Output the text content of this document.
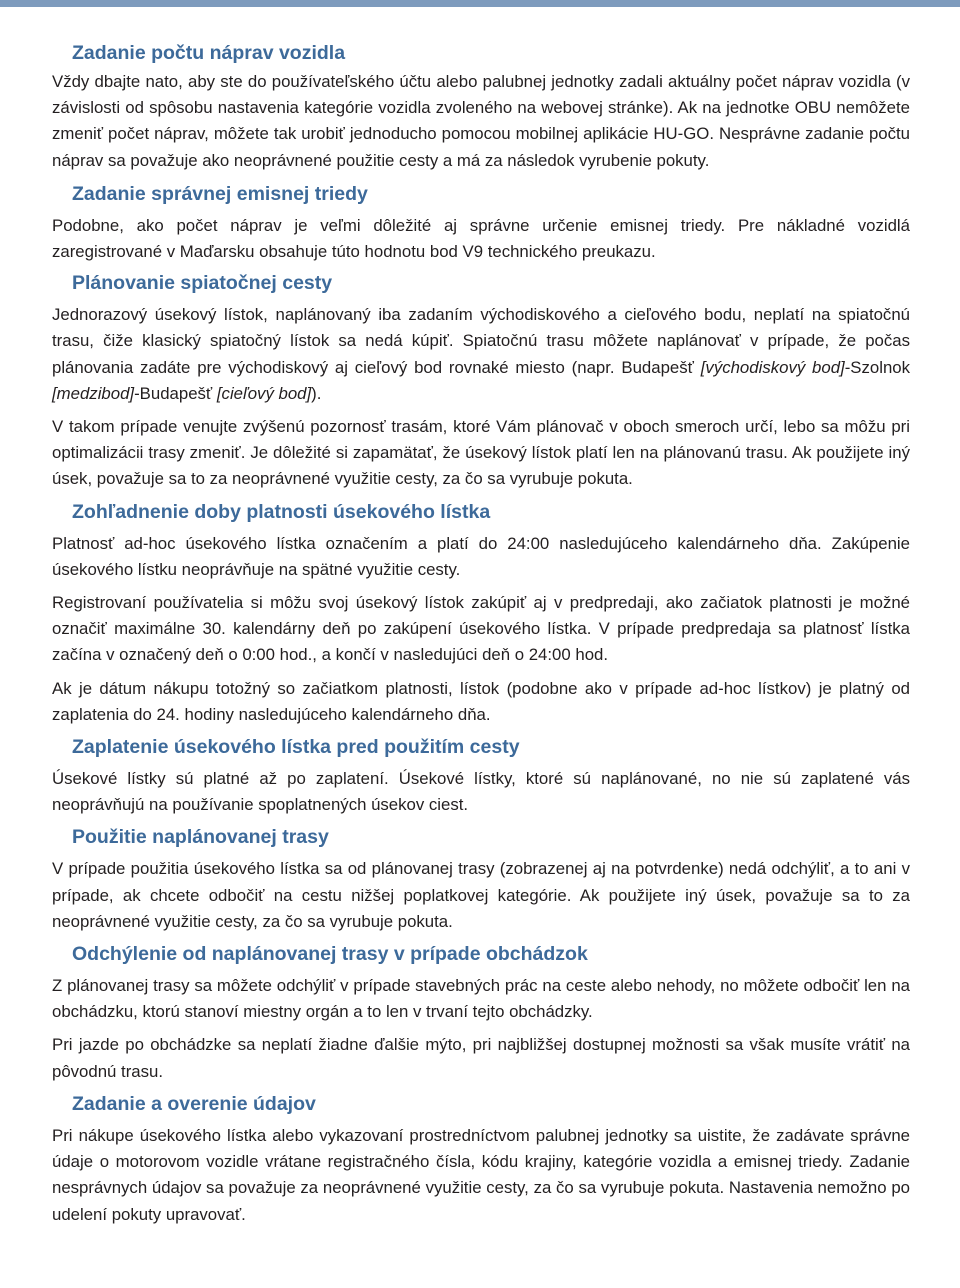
Zadanie počtu náprav vozidla

Vždy dbajte nato, aby ste do používateľského účtu alebo palubnej jednotky zadali aktuálny počet náprav vozidla (v závislosti od spôsobu nastavenia kategórie vozidla zvoleného na webovej stránke). Ak na jednotke OBU nemôžete zmeniť počet náprav, môžete tak urobiť jednoducho pomocou mobilnej aplikácie HU-GO. Nesprávne zadanie počtu náprav sa považuje ako neoprávnené použitie cesty a má za následok vyrubenie pokuty.

Zadanie správnej emisnej triedy

Podobne, ako počet náprav je veľmi dôležité aj správne určenie emisnej triedy. Pre nákladné vozidlá zaregistrované v Maďarsku obsahuje túto hodnotu bod V9 technického preukazu.

Plánovanie spiatočnej cesty

Jednorazový úsekový lístok, naplánovaný iba zadaním východiskového a cieľového bodu, neplatí na spiatočnú trasu, čiže klasický spiatočný lístok sa nedá kúpiť. Spiatočnú trasu môžete naplánovať v prípade, že počas plánovania zadáte pre východiskový aj cieľový bod rovnaké miesto (napr. Budapešť [východiskový bod]-Szolnok [medzibod]-Budapešť [cieľový bod]).

V takom prípade venujte zvýšenú pozornosť trasám, ktoré Vám plánovač v oboch smeroch určí, lebo sa môžu pri optimalizácii trasy zmeniť. Je dôležité si zapamätať, že úsekový lístok platí len na plánovanú trasu. Ak použijete iný úsek, považuje sa to za neoprávnené využitie cesty, za čo sa vyrubuje pokuta.

Zohľadnenie doby platnosti úsekového lístka

Platnosť ad-hoc úsekového lístka označením a platí do 24:00 nasledujúceho kalendárneho dňa. Zakúpenie úsekového lístku neoprávňuje na spätné využitie cesty.

Registrovaní používatelia si môžu svoj úsekový lístok zakúpiť aj v predpredaji, ako začiatok platnosti je možné označiť maximálne 30. kalendárny deň po zakúpení úsekového lístka. V prípade predpredaja sa platnosť lístka začína v označený deň o 0:00 hod., a končí v nasledujúci deň o 24:00 hod.

Ak je dátum nákupu totožný so začiatkom platnosti, lístok (podobne ako v prípade ad-hoc lístkov) je platný od zaplatenia do 24. hodiny nasledujúceho kalendárneho dňa.

Zaplatenie úsekového lístka pred použitím cesty

Úsekové lístky sú platné až po zaplatení. Úsekové lístky, ktoré sú naplánované, no nie sú zaplatené vás neoprávňujú na používanie spoplatnených úsekov ciest.

Použitie naplánovanej trasy

V prípade použitia úsekového lístka sa od plánovanej trasy (zobrazenej aj na potvrdenke) nedá odchýliť, a to ani v prípade, ak chcete odbočiť na cestu nižšej poplatkovej kategórie. Ak použijete iný úsek, považuje sa to za neoprávnené využitie cesty, za čo sa vyrubuje pokuta.

Odchýlenie od naplánovanej trasy v prípade obchádzok

Z plánovanej trasy sa môžete odchýliť v prípade stavebných prác na ceste alebo nehody, no môžete odbočiť len na obchádzku, ktorú stanoví miestny orgán a to len v trvaní tejto obchádzky.

Pri jazde po obchádzke sa neplatí žiadne ďalšie mýto, pri najbližšej dostupnej možnosti sa však musíte vrátiť na pôvodnú trasu.

Zadanie a overenie údajov

Pri nákupe úsekového lístka alebo vykazovaní prostredníctvom palubnej jednotky sa uistite, že zadávate správne údaje o motorovom vozidle vrátane registračného čísla, kódu krajiny, kategórie vozidla a emisnej triedy. Zadanie nesprávnych údajov sa považuje za neoprávnené využitie cesty, za čo sa vyrubuje pokuta. Nastavenia nemožno po udelení pokuty upravovať.
